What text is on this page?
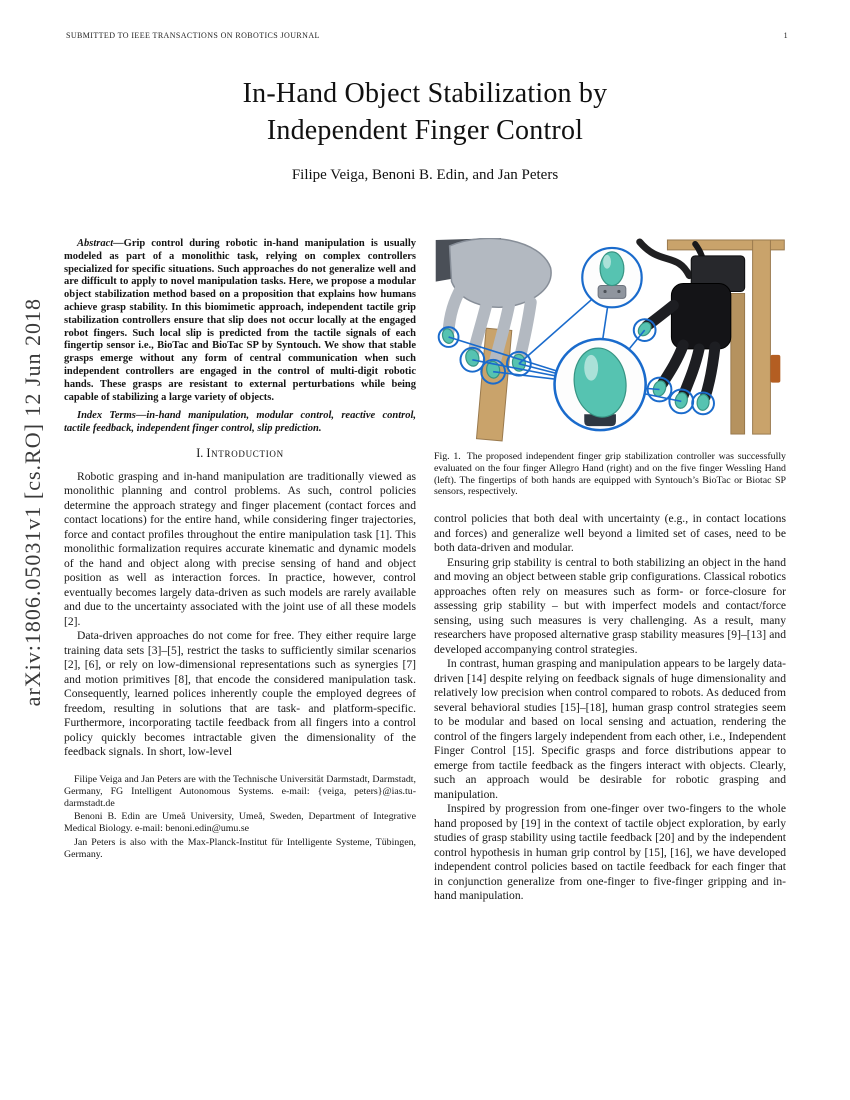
SUBMITTED TO IEEE TRANSACTIONS ON ROBOTICS JOURNAL	1
arXiv:1806.05031v1 [cs.RO] 12 Jun 2018
In-Hand Object Stabilization by
Independent Finger Control
Filipe Veiga, Benoni B. Edin, and Jan Peters

Abstract—Grip control during robotic in-hand manipulation is usually modeled as part of a monolithic task, relying on complex controllers specialized for specific situations. Such approaches do not generalize well and are difficult to apply to novel manipulation tasks. Here, we propose a modular object stabilization method based on a proposition that explains how humans achieve grasp stability. In this biomimetic approach, independent tactile grip stabilization controllers ensure that slip does not occur locally at the engaged robot fingers. Such local slip is predicted from the tactile signals of each fingertip sensor i.e., BioTac and BioTac SP by Syntouch. We show that stable grasps emerge without any form of central communication when such independent controllers are engaged in the control of multi-digit robotic hands. These grasps are resistant to external perturbations while being capable of stabilizing a large variety of objects.

Index Terms—in-hand manipulation, modular control, reactive control, tactile feedback, independent finger control, slip prediction.

I. Introduction

Robotic grasping and in-hand manipulation are traditionally viewed as monolithic planning and control problems. As such, control policies determine the approach strategy and finger placement (contact forces and contact locations) for the entire hand, while considering finger trajectories, force and contact profiles throughout the entire manipulation task [1]. This monolithic formalization requires accurate kinematic and dynamic models of the hand and object along with precise sensing of hand and object position as well as interaction forces. In practice, however, control eventually becomes largely data-driven as such models are rarely available and due to the uncertainty associated with the joint use of all these models [2].

Data-driven approaches do not come for free. They either require large training data sets [3]–[5], restrict the tasks to sufficiently similar scenarios [2], [6], or rely on low-dimensional representations such as synergies [7] and motion primitives [8], that encode the considered manipulation task. Consequently, learned polices inherently couple the employed degrees of freedom, resulting in solutions that are task- and platform-specific. Furthermore, incorporating tactile feedback from all fingers into a control policy quickly becomes intractable given the dimensionality of the feedback signals. In short, low-level

Filipe Veiga and Jan Peters are with the Technische Universität Darmstadt, Darmstadt, Germany, FG Intelligent Autonomous Systems. e-mail: {veiga, peters}@ias.tu-darmstadt.de

Benoni B. Edin are Umeå University, Umeå, Sweden, Department of Integrative Medical Biology. e-mail: benoni.edin@umu.se

Jan Peters is also with the Max-Planck-Institut für Intelligente Systeme, Tübingen, Germany.

Fig. 1. The proposed independent finger grip stabilization controller was successfully evaluated on the four finger Allegro Hand (right) and on the five finger Wessling Hand (left). The fingertips of both hands are equipped with Syntouch’s BioTac or Biotac SP sensors, respectively.

control policies that both deal with uncertainty (e.g., in contact locations and forces) and generalize well beyond a limited set of cases, need to be both data-driven and modular.

Ensuring grip stability is central to both stabilizing an object in the hand and moving an object between stable grip configurations. Classical robotics approaches often rely on measures such as form- or force-closure for assessing grip stability – but with imperfect models and contact/force sensing, using such measures is very challenging. As a result, many researchers have proposed alternative grasp stability measures [9]–[13] and developed accompanying control strategies.

In contrast, human grasping and manipulation appears to be largely data-driven [14] despite relying on feedback signals of huge dimensionality and relatively low precision when control compared to robots. As deduced from several behavioral studies [15]–[18], human grasp control strategies seem to be modular and based on local sensing and actuation, rendering the control of the fingers largely independent from each other, i.e., Independent Finger Control [15]. Specific grasps and force distributions appear to emerge from tactile feedback as the fingers interact with objects. Clearly, such an approach would be desirable for robotic grasping and manipulation.

Inspired by progression from one-finger over two-fingers to the whole hand proposed by [19] in the context of tactile object exploration, by early studies of grasp stability using tactile feedback [20] and by the independent control hypothesis in human grip control by [15], [16], we have developed independent control policies based on tactile feedback for each finger that in conjunction generalize from one-finger to five-finger gripping and in-hand manipulation.
